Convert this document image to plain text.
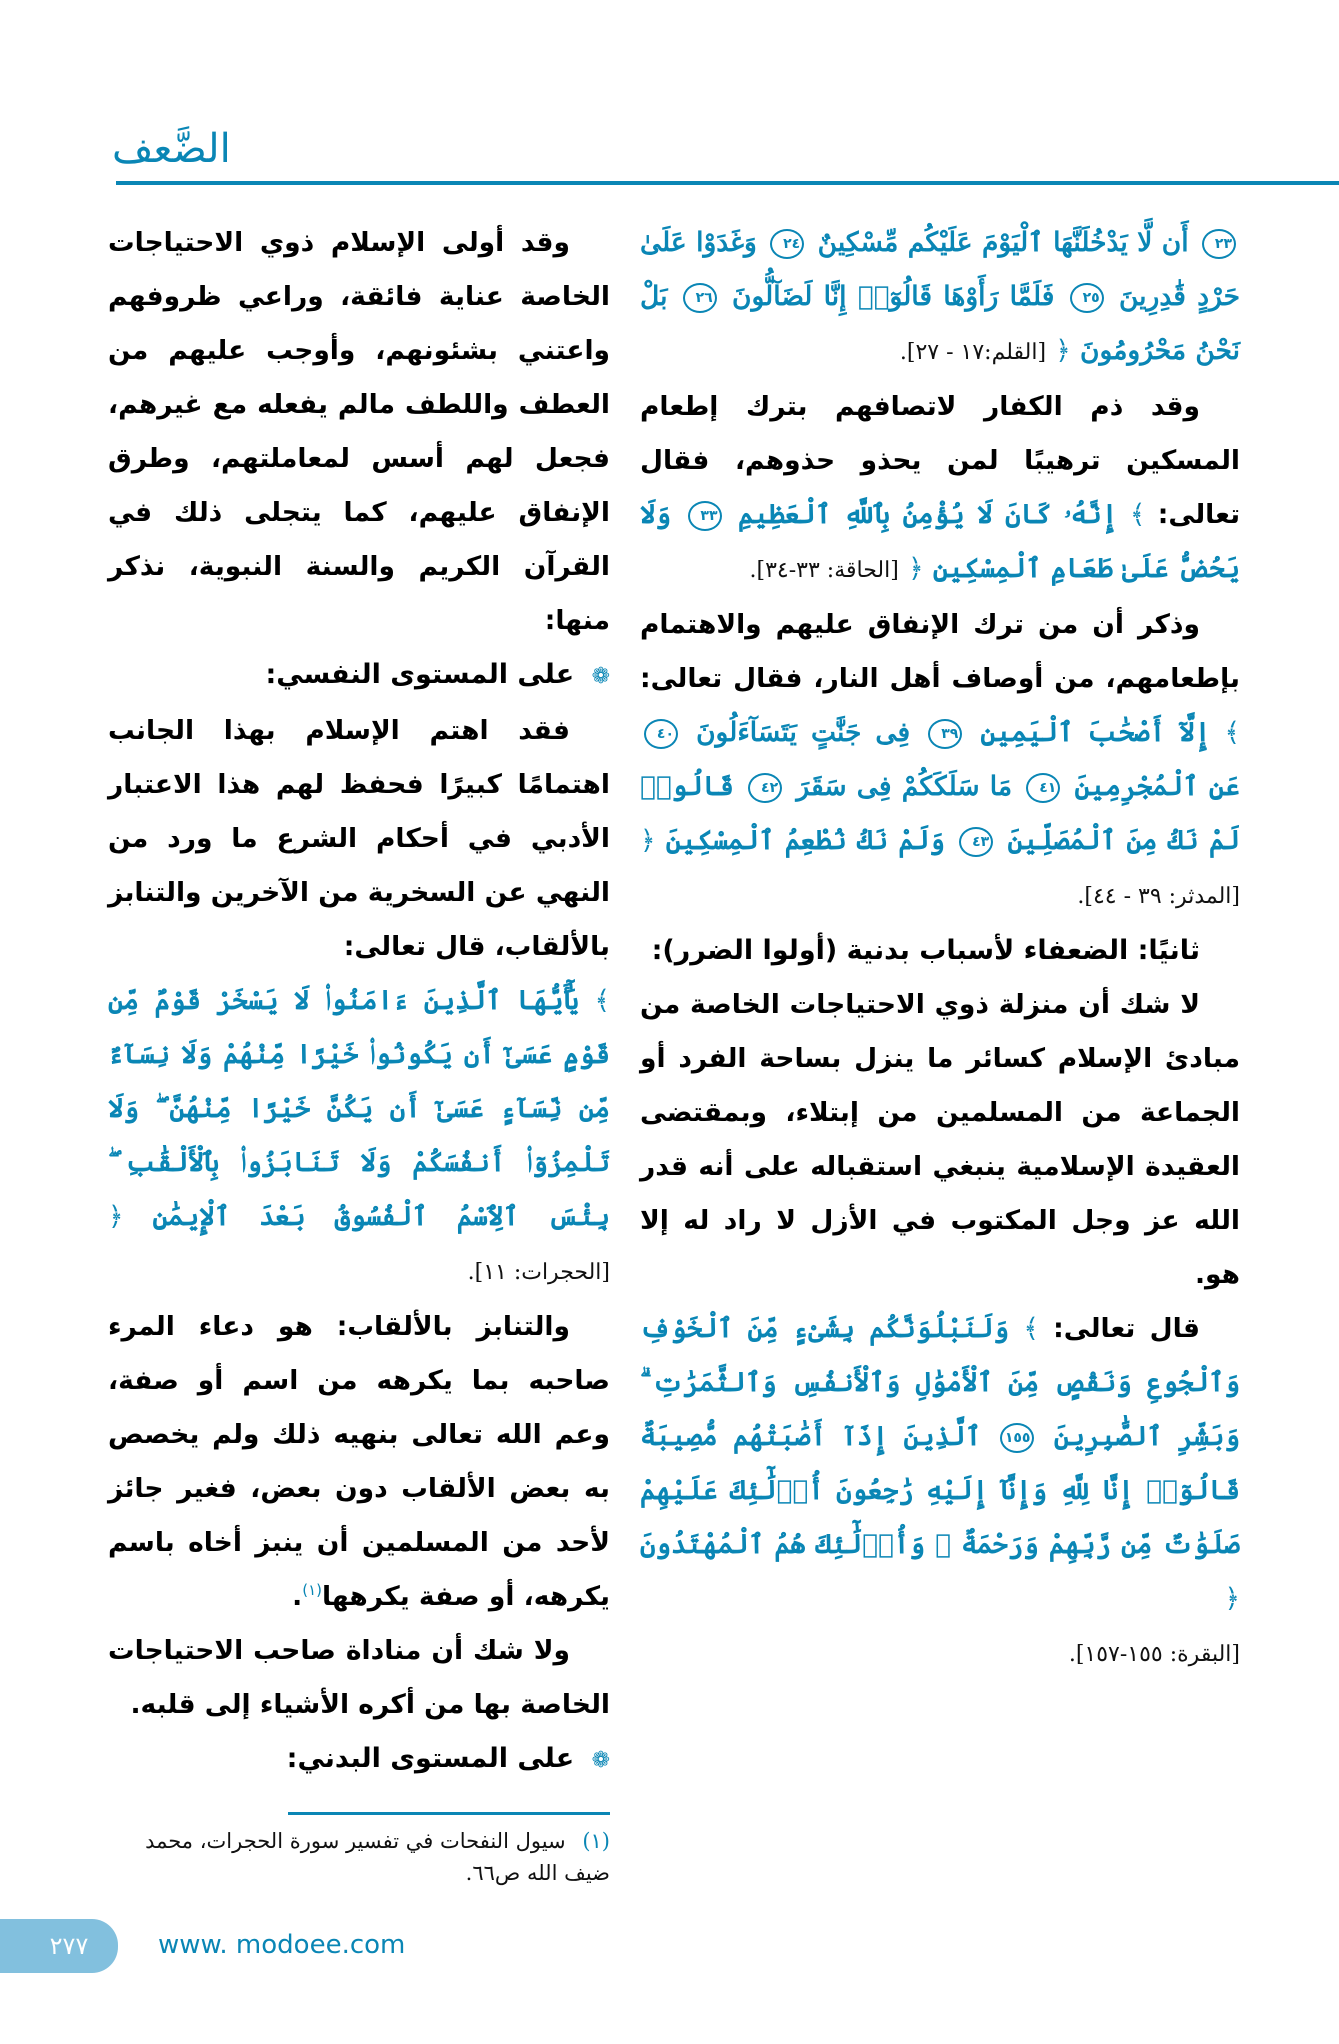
الضَّعف

وقد أولى الإسلام ذوي الاحتياجات الخاصة عناية فائقة، وراعي ظروفهم واعتني بشئونهم، وأوجب عليهم من العطف واللطف مالم يفعله مع غيرهم، فجعل لهم أسس لمعاملتهم، وطرق الإنفاق عليهم، كما يتجلى ذلك في القرآن الكريم والسنة النبوية، نذكر منها:

❁ على المستوى النفسي:

فقد اهتم الإسلام بهذا الجانب اهتمامًا كبيرًا فحفظ لهم هذا الاعتبار الأدبي في أحكام الشرع ما ورد من النهي عن السخرية من الآخرين والتنابز بالألقاب، قال تعالى:

﴾ يَٰٓأَيُّهَا ٱلَّذِينَ ءَامَنُوا۟ لَا يَسْخَرْ قَوْمٌ مِّن قَوْمٍ عَسَىٰٓ أَن يَكُونُوا۟ خَيْرًا مِّنْهُمْ وَلَا نِسَآءٌ مِّن نِّسَآءٍ عَسَىٰٓ أَن يَكُنَّ خَيْرًا مِّنْهُنَّ ۖ وَلَا تَلْمِزُوٓا۟ أَنفُسَكُمْ وَلَا تَنَابَزُوا۟ بِٱلْأَلْقَٰبِ ۖ بِئْسَ ٱلِٱسْمُ ٱلْفُسُوقُ بَعْدَ ٱلْإِيمَٰنِ ﴿ [الحجرات: ١١].

والتنابز بالألقاب: هو دعاء المرء صاحبه بما يكرهه من اسم أو صفة، وعم الله تعالى بنهيه ذلك ولم يخصص به بعض الألقاب دون بعض، فغير جائز لأحد من المسلمين أن ينبز أخاه باسم يكرهه، أو صفة يكرهها$^{(١)}$.

ولا شك أن مناداة صاحب الاحتياجات الخاصة بها من أكره الأشياء إلى قلبه.

❁ على المستوى البدني:

٢٣ أَن لَّا يَدْخُلَنَّهَا ٱلْيَوْمَ عَلَيْكُم مِّسْكِينٌ ٢٤ وَغَدَوْا عَلَىٰ حَرْدٍ قَٰدِرِينَ ٢٥ فَلَمَّا رَأَوْهَا قَالُوٓا۟ إِنَّا لَضَآلُّونَ ٢٦ بَلْ نَحْنُ مَحْرُومُونَ ﴿ [القلم:١٧ - ٢٧].

وقد ذم الكفار لاتصافهم بترك إطعام المسكين ترهيبًا لمن يحذو حذوهم، فقال تعالى: ﴾ إِنَّهُۥ كَانَ لَا يُؤْمِنُ بِٱللَّهِ ٱلْعَظِيمِ ٣٣ وَلَا يَحُضُّ عَلَىٰ طَعَامِ ٱلْمِسْكِينِ ﴿ [الحاقة: ٣٣-٣٤].

وذكر أن من ترك الإنفاق عليهم والاهتمام بإطعامهم، من أوصاف أهل النار، فقال تعالى: ﴾ إِلَّآ أَصْحَٰبَ ٱلْيَمِينِ ٣٩ فِى جَنَّٰتٍ يَتَسَآءَلُونَ ٤٠ عَنِ ٱلْمُجْرِمِينَ ٤١ مَا سَلَكَكُمْ فِى سَقَرَ ٤٢ قَالُوا۟ لَمْ نَكُ مِنَ ٱلْمُصَلِّينَ ٤٣ وَلَمْ نَكُ نُطْعِمُ ٱلْمِسْكِينَ ﴿ [المدثر: ٣٩ - ٤٤].

ثانيًا: الضعفاء لأسباب بدنية (أولوا الضرر):

لا شك أن منزلة ذوي الاحتياجات الخاصة من مبادئ الإسلام كسائر ما ينزل بساحة الفرد أو الجماعة من المسلمين من إبتلاء، وبمقتضى العقيدة الإسلامية ينبغي استقباله على أنه قدر الله عز وجل المكتوب في الأزل لا راد له إلا هو.

قال تعالى: ﴾ وَلَنَبْلُوَنَّكُم بِشَىْءٍ مِّنَ ٱلْخَوْفِ وَٱلْجُوعِ وَنَقْصٍ مِّنَ ٱلْأَمْوَٰلِ وَٱلْأَنفُسِ وَٱلثَّمَرَٰتِ ۗ وَبَشِّرِ ٱلصَّٰبِرِينَ ١٥٥ ٱلَّذِينَ إِذَآ أَصَٰبَتْهُم مُّصِيبَةٌ قَالُوٓا۟ إِنَّا لِلَّهِ وَإِنَّآ إِلَيْهِ رَٰجِعُونَ أُو۟لَٰٓئِكَ عَلَيْهِمْ صَلَوَٰتٌ مِّن رَّبِّهِمْ وَرَحْمَةٌ ۖ وَأُو۟لَٰٓئِكَ هُمُ ٱلْمُهْتَدُونَ ﴿

[البقرة: ١٥٥-١٥٧].

(١) سيول النفحات في تفسير سورة الحجرات، محمد ضيف الله ص٦٦.
٢٧٧	www. modoee.com
